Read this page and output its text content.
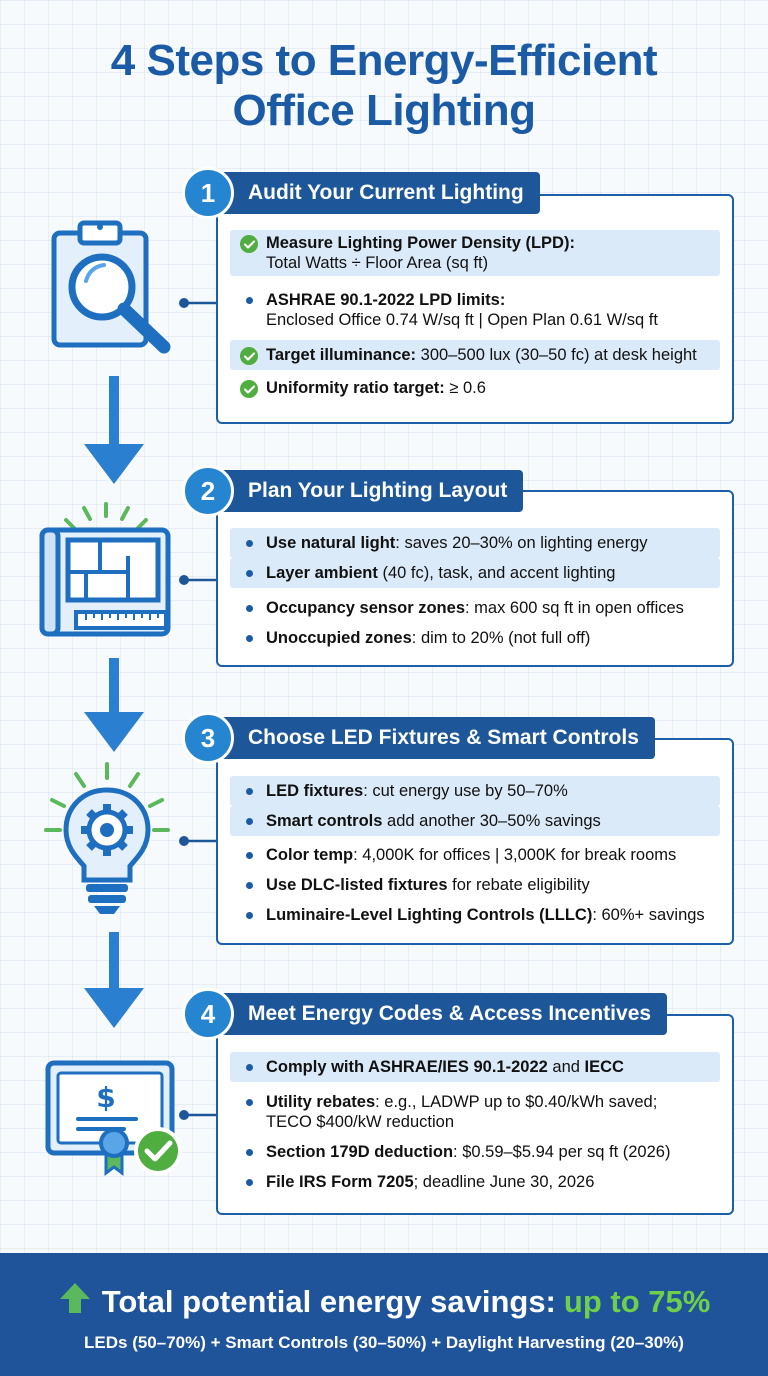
4 Steps to Energy-Efficient
Office Lighting
$
Measure Lighting Power Density (LPD):
Total Watts ÷ Floor Area (sq ft)
ASHRAE 90.1-2022 LPD limits:
Enclosed Office 0.74 W/sq ft | Open Plan 0.61 W/sq ft
Target illuminance: 300–500 lux (30–50 fc) at desk height
Uniformity ratio target: ≥ 0.6
1	Audit Your Current Lighting
Use natural light: saves 20–30% on lighting energy
Layer ambient (40 fc), task, and accent lighting
Occupancy sensor zones: max 600 sq ft in open offices
Unoccupied zones: dim to 20% (not full off)
2	Plan Your Lighting Layout
LED fixtures: cut energy use by 50–70%
Smart controls add another 30–50% savings
Color temp: 4,000K for offices | 3,000K for break rooms
Use DLC-listed fixtures for rebate eligibility
Luminaire-Level Lighting Controls (LLLC): 60%+ savings
3	Choose LED Fixtures & Smart Controls
Comply with ASHRAE/IES 90.1-2022 and IECC
Utility rebates: e.g., LADWP up to $0.40/kWh saved;
TECO $400/kW reduction
Section 179D deduction: $0.59–$5.94 per sq ft (2026)
File IRS Form 7205; deadline June 30, 2026
4	Meet Energy Codes & Access Incentives
Total potential energy savings: up to 75%
LEDs (50–70%) + Smart Controls (30–50%) + Daylight Harvesting (20–30%)
